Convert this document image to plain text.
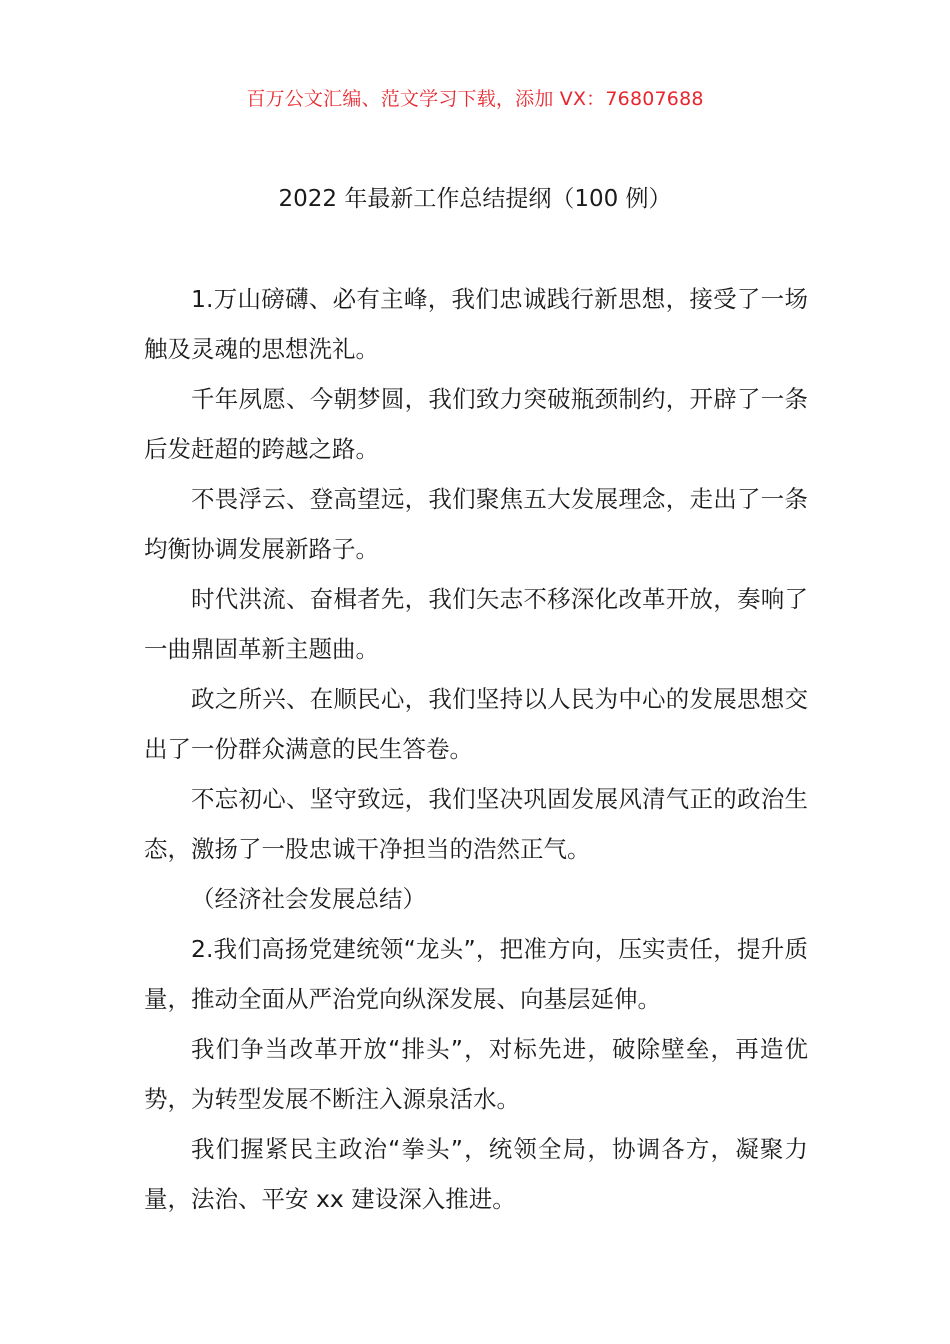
百万公文汇编、范文学习下载，添加 VX：76807688
2022 年最新工作总结提纲（100 例）

1.万山磅礴、必有主峰，我们忠诚践行新思想，接受了一场触及灵魂的思想洗礼。

千年夙愿、今朝梦圆，我们致力突破瓶颈制约，开辟了一条后发赶超的跨越之路。

不畏浮云、登高望远，我们聚焦五大发展理念，走出了一条均衡协调发展新路子。

时代洪流、奋楫者先，我们矢志不移深化改革开放，奏响了一曲鼎固革新主题曲。

政之所兴、在顺民心，我们坚持以人民为中心的发展思想交出了一份群众满意的民生答卷。

不忘初心、坚守致远，我们坚决巩固发展风清气正的政治生态，激扬了一股忠诚干净担当的浩然正气。

（经济社会发展总结）

2.我们高扬党建统领“龙头”，把准方向，压实责任，提升质量，推动全面从严治党向纵深发展、向基层延伸。

我们争当改革开放“排头”，对标先进，破除壁垒，再造优势，为转型发展不断注入源泉活水。

我们握紧民主政治“拳头”，统领全局，协调各方，凝聚力量，法治、平安 xx 建设深入推进。
